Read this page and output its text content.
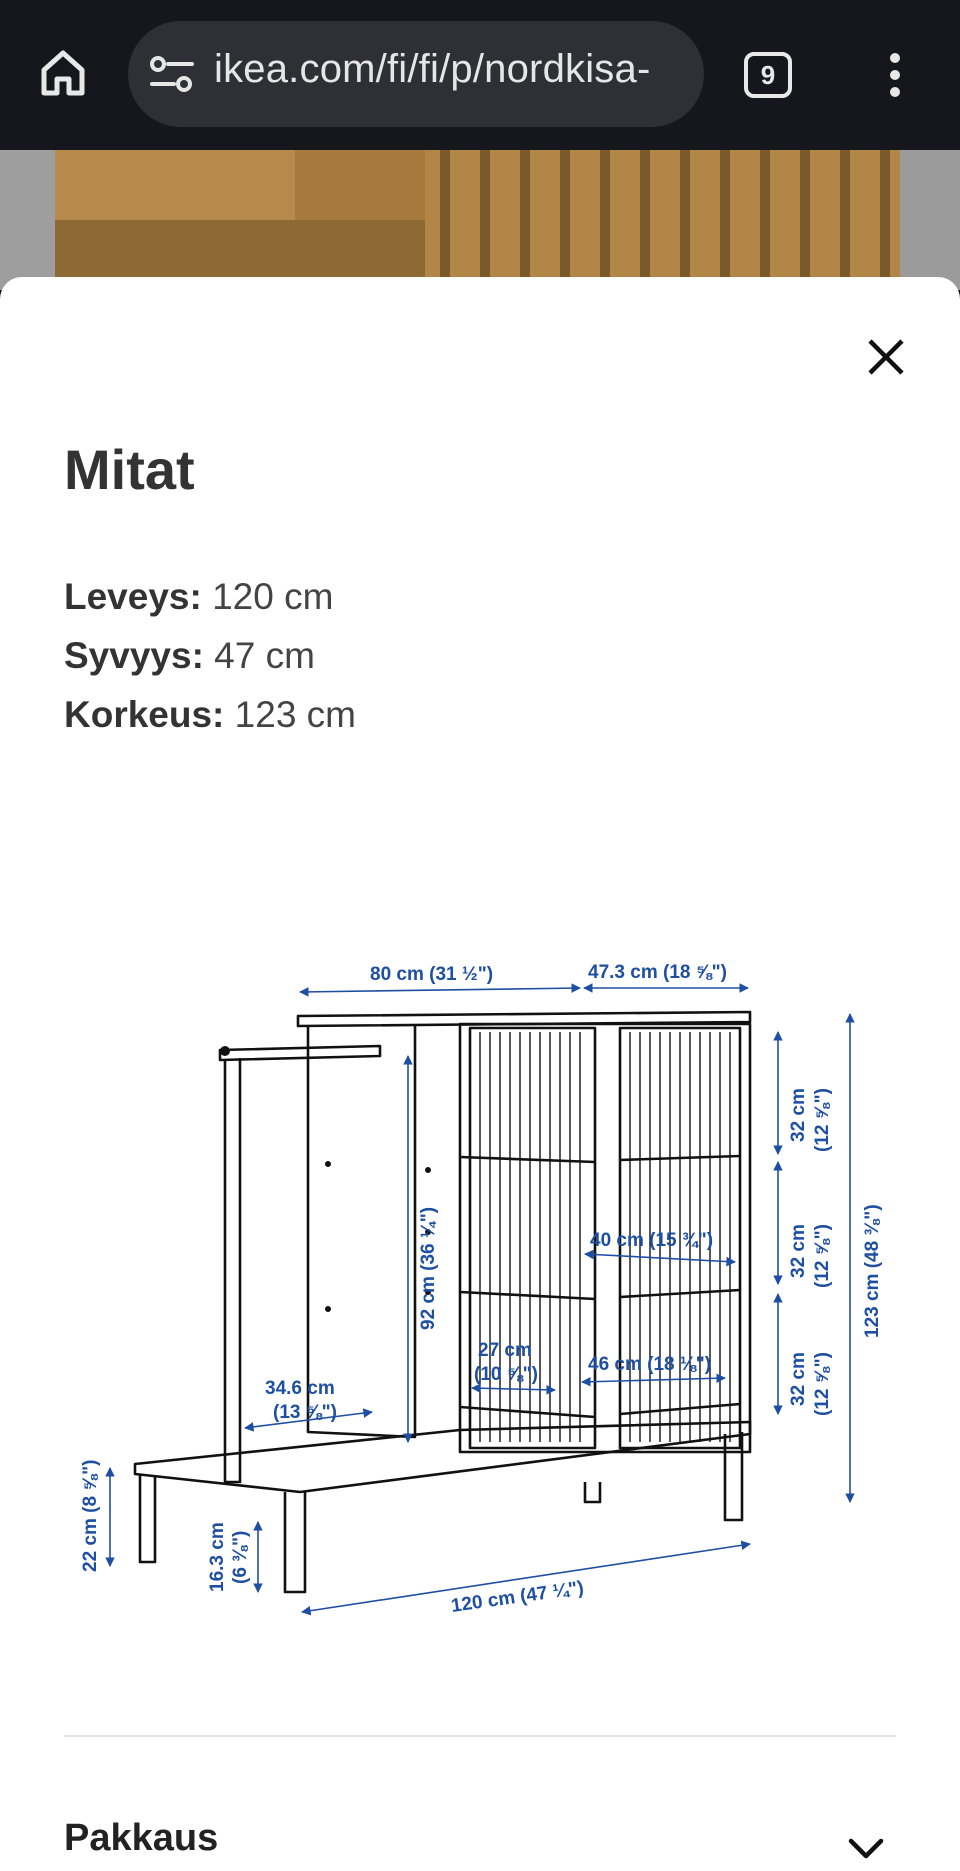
ikea.com/fi/fi/p/nordkisa-	9
Mitat
Leveys: 120 cm
Syvyys: 47 cm
Korkeus: 123 cm
80 cm (31 ½")	47.3 cm (18 ⅝")
32 cm (12 ⅝")
32 cm (12 ⅝")
32 cm (12 ⅝")
123 cm (48 ⅜")
92 cm (36 ¼")	40 cm (15 ¾")
27 cm
(10 ⅝")	46 cm (18 ⅛")
34.6 cm
(13 ⅝")
22 cm (8 ⅝")	16.3 cm (6 ⅜")
120 cm (47 ¼")
Pakkaus
